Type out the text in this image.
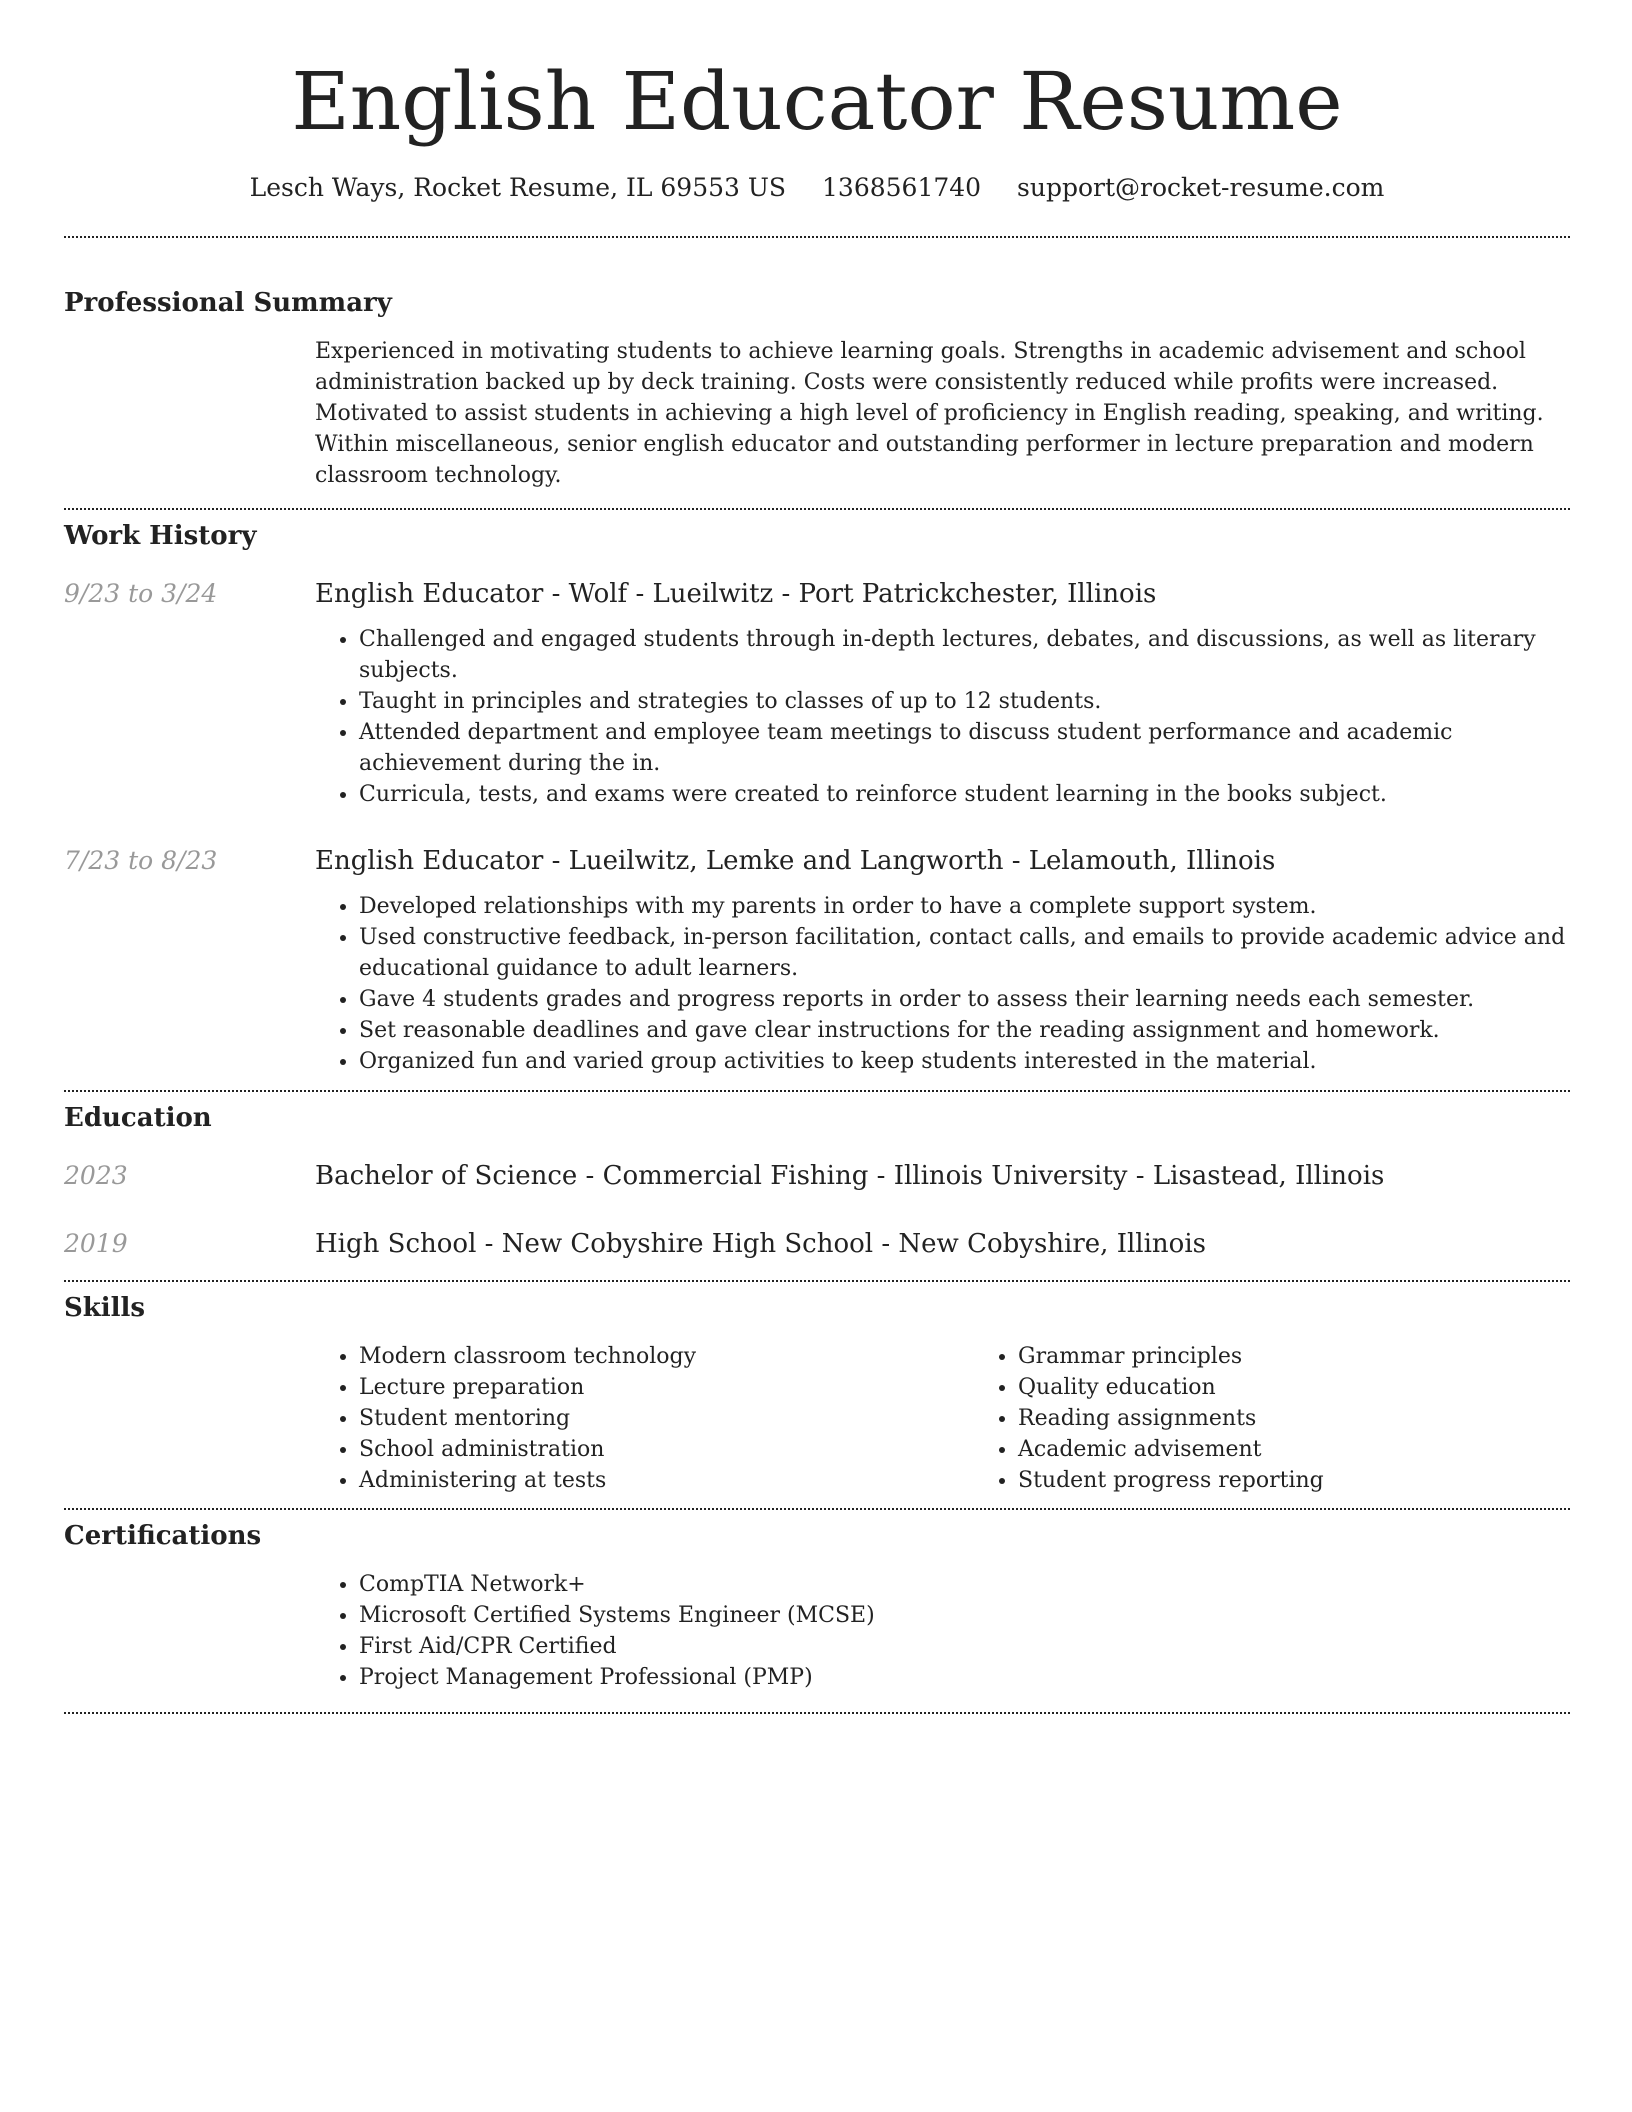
English Educator Resume
Lesch Ways, Rocket Resume, IL 69553 US 1368561740 support@rocket-resume.com
Professional Summary

Experienced in motivating students to achieve learning goals. Strengths in academic advisement and school administration backed up by deck training. Costs were consistently reduced while profits were increased. Motivated to assist students in achieving a high level of proficiency in English reading, speaking, and writing. Within miscellaneous, senior english educator and outstanding performer in lecture preparation and modern classroom technology.

Work History
9/23 to 3/24	English Educator - Wolf - Lueilwitz - Port Patrickchester, Illinois
• Challenged and engaged students through in-depth lectures, debates, and discussions, as well as literary subjects.
• Taught in principles and strategies to classes of up to 12 students.
• Attended department and employee team meetings to discuss student performance and academic achievement during the in.
• Curricula, tests, and exams were created to reinforce student learning in the books subject.
7/23 to 8/23	English Educator - Lueilwitz, Lemke and Langworth - Lelamouth, Illinois
• Developed relationships with my parents in order to have a complete support system.
• Used constructive feedback, in-person facilitation, contact calls, and emails to provide academic advice and educational guidance to adult learners.
• Gave 4 students grades and progress reports in order to assess their learning needs each semester.
• Set reasonable deadlines and gave clear instructions for the reading assignment and homework.
• Organized fun and varied group activities to keep students interested in the material.
Education
2023	Bachelor of Science - Commercial Fishing - Illinois University - Lisastead, Illinois
2019	High School - New Cobyshire High School - New Cobyshire, Illinois
Skills
• Modern classroom technology
• Lecture preparation
• Student mentoring
• School administration
• Administering at tests
• Grammar principles
• Quality education
• Reading assignments
• Academic advisement
• Student progress reporting
Certifications
• CompTIA Network+
• Microsoft Certified Systems Engineer (MCSE)
• First Aid/CPR Certified
• Project Management Professional (PMP)
